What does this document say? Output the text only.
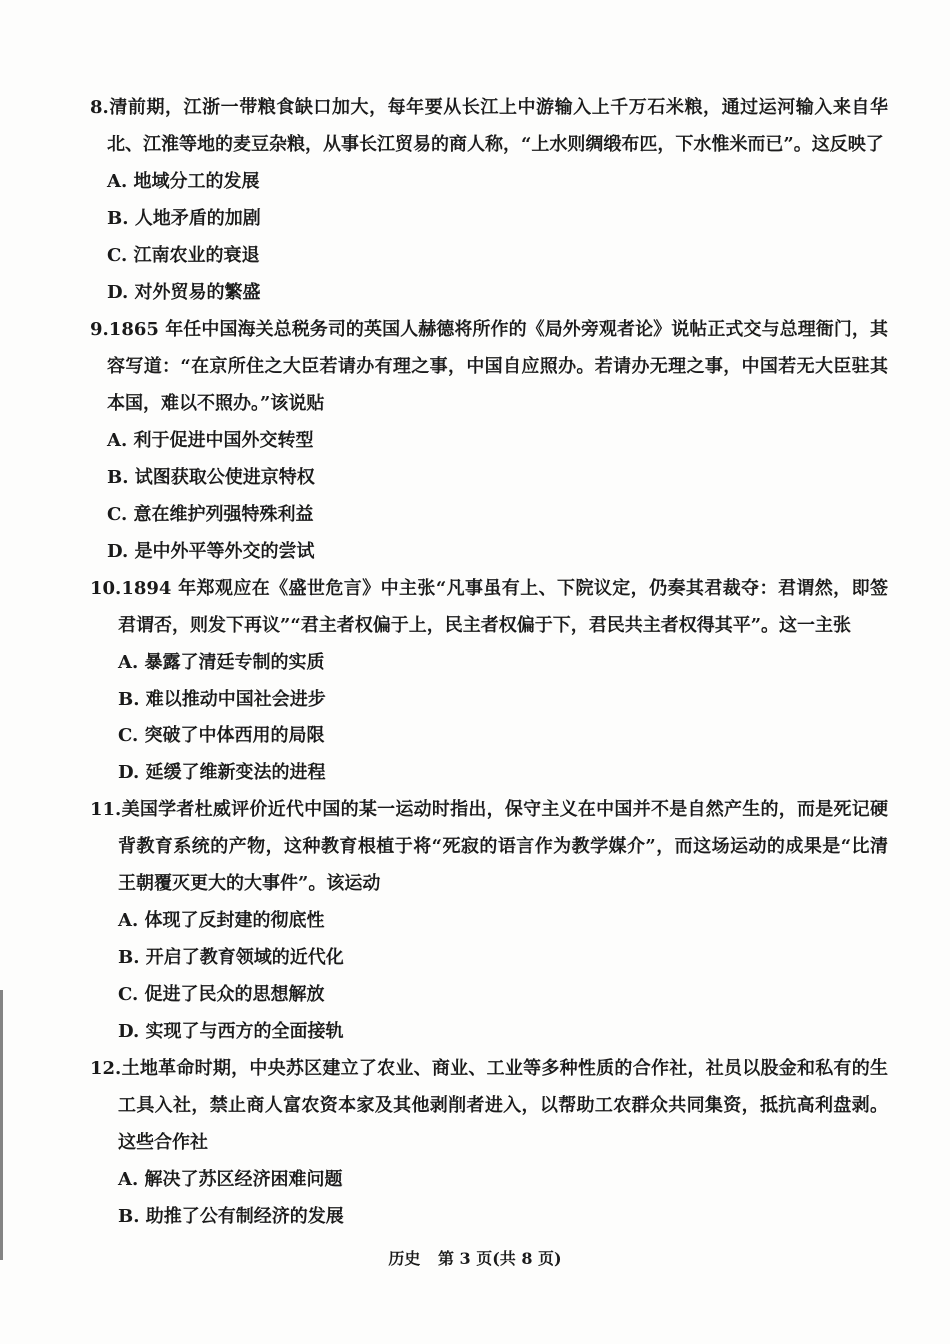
8.清前期，江浙一带粮食缺口加大，每年要从长江上中游输入上千万石米粮，通过运河输入来自华
北、江淮等地的麦豆杂粮，从事长江贸易的商人称，“上水则绸缎布匹，下水惟米而已”。这反映了
A. 地域分工的发展
B. 人地矛盾的加剧
C. 江南农业的衰退
D. 对外贸易的繁盛
9.1865 年任中国海关总税务司的英国人赫德将所作的《局外旁观者论》说帖正式交与总理衙门，其
容写道：“在京所住之大臣若请办有理之事，中国自应照办。若请办无理之事，中国若无大臣驻其
本国，难以不照办。”该说贴
A. 利于促进中国外交转型
B. 试图获取公使进京特权
C. 意在维护列强特殊利益
D. 是中外平等外交的尝试
10.1894 年郑观应在《盛世危言》中主张“凡事虽有上、下院议定，仍奏其君裁夺：君谓然，即签
君谓否，则发下再议”“君主者权偏于上，民主者权偏于下，君民共主者权得其平”。这一主张
A. 暴露了清廷专制的实质
B. 难以推动中国社会进步
C. 突破了中体西用的局限
D. 延缓了维新变法的进程
11.美国学者杜威评价近代中国的某一运动时指出，保守主义在中国并不是自然产生的，而是死记硬
背教育系统的产物，这种教育根植于将“死寂的语言作为教学媒介”，而这场运动的成果是“比清
王朝覆灭更大的大事件”。该运动
A. 体现了反封建的彻底性
B. 开启了教育领域的近代化
C. 促进了民众的思想解放
D. 实现了与西方的全面接轨
12.土地革命时期，中央苏区建立了农业、商业、工业等多种性质的合作社，社员以股金和私有的生
工具入社，禁止商人富农资本家及其他剥削者进入，以帮助工农群众共同集资，抵抗高利盘剥。
这些合作社
A. 解决了苏区经济困难问题
B. 助推了公有制经济的发展
历史 第 3 页(共 8 页)
